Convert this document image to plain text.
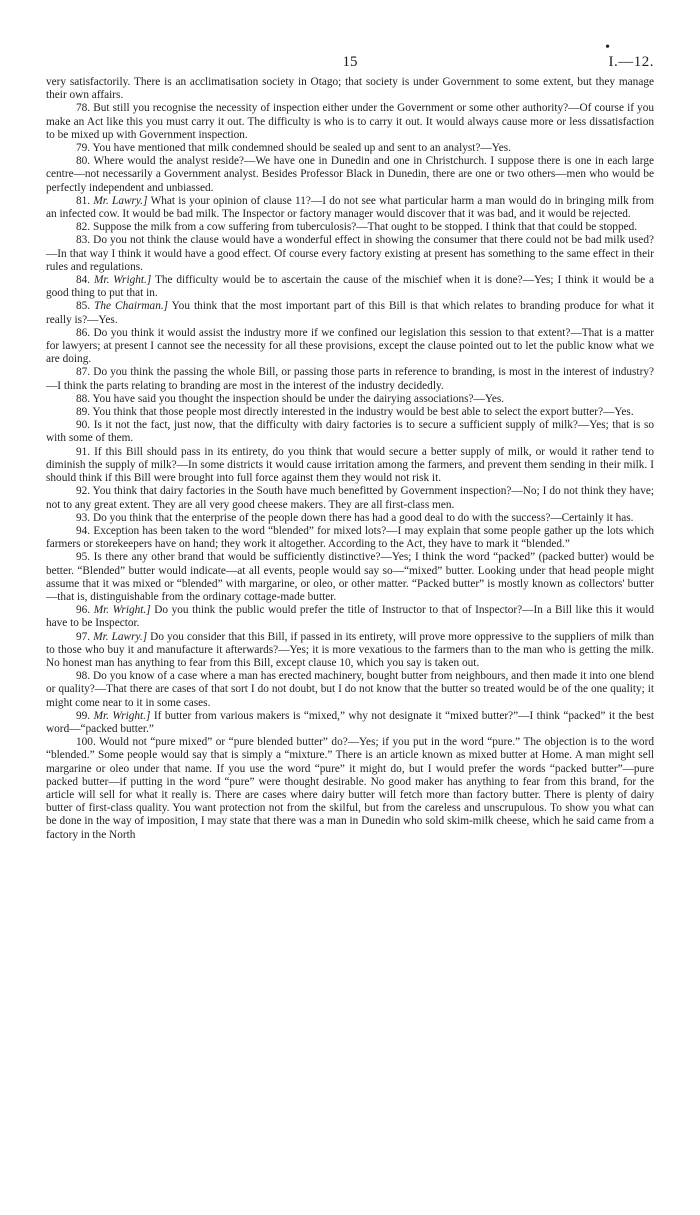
•
15	I.—12.

very satisfactorily. There is an acclimatisation society in Otago; that society is under Government to some extent, but they manage their own affairs.

78. But still you recognise the necessity of inspection either under the Government or some other authority?—Of course if you make an Act like this you must carry it out. The difficulty is who is to carry it out. It would always cause more or less dissatisfaction to be mixed up with Government inspection.

79. You have mentioned that milk condemned should be sealed up and sent to an analyst?—Yes.

80. Where would the analyst reside?—We have one in Dunedin and one in Christchurch. I suppose there is one in each large centre—not necessarily a Government analyst. Besides Professor Black in Dunedin, there are one or two others—men who would be perfectly independent and unbiassed.

81. Mr. Lawry.] What is your opinion of clause 11?—I do not see what particular harm a man would do in bringing milk from an infected cow. It would be bad milk. The Inspector or factory manager would discover that it was bad, and it would be rejected.

82. Suppose the milk from a cow suffering from tuberculosis?—That ought to be stopped. I think that that could be stopped.

83. Do you not think the clause would have a wonderful effect in showing the consumer that there could not be bad milk used?—In that way I think it would have a good effect. Of course every factory existing at present has something to the same effect in their rules and regulations.

84. Mr. Wright.] The difficulty would be to ascertain the cause of the mischief when it is done?—Yes; I think it would be a good thing to put that in.

85. The Chairman.] You think that the most important part of this Bill is that which relates to branding produce for what it really is?—Yes.

86. Do you think it would assist the industry more if we confined our legislation this session to that extent?—That is a matter for lawyers; at present I cannot see the necessity for all these provisions, except the clause pointed out to let the public know what we are doing.

87. Do you think the passing the whole Bill, or passing those parts in reference to branding, is most in the interest of industry?—I think the parts relating to branding are most in the interest of the industry decidedly.

88. You have said you thought the inspection should be under the dairying associations?—Yes.

89. You think that those people most directly interested in the industry would be best able to select the export butter?—Yes.

90. Is it not the fact, just now, that the difficulty with dairy factories is to secure a sufficient supply of milk?—Yes; that is so with some of them.

91. If this Bill should pass in its entirety, do you think that would secure a better supply of milk, or would it rather tend to diminish the supply of milk?—In some districts it would cause irritation among the farmers, and prevent them sending in their milk. I should think if this Bill were brought into full force against them they would not risk it.

92. You think that dairy factories in the South have much benefitted by Government inspection?—No; I do not think they have; not to any great extent. They are all very good cheese makers. They are all first-class men.

93. Do you think that the enterprise of the people down there has had a good deal to do with the success?—Certainly it has.

94. Exception has been taken to the word “blended” for mixed lots?—I may explain that some people gather up the lots which farmers or storekeepers have on hand; they work it altogether. According to the Act, they have to mark it “blended.”

95. Is there any other brand that would be sufficiently distinctive?—Yes; I think the word “packed” (packed butter) would be better. “Blended” butter would indicate—at all events, people would say so—“mixed” butter. Looking under that head people might assume that it was mixed or “blended” with margarine, or oleo, or other matter. “Packed butter” is mostly known as collectors' butter—that is, distinguishable from the ordinary cottage-made butter.

96. Mr. Wright.] Do you think the public would prefer the title of Instructor to that of Inspector?—In a Bill like this it would have to be Inspector.

97. Mr. Lawry.] Do you consider that this Bill, if passed in its entirety, will prove more oppressive to the suppliers of milk than to those who buy it and manufacture it afterwards?—Yes; it is more vexatious to the farmers than to the man who is getting the milk. No honest man has anything to fear from this Bill, except clause 10, which you say is taken out.

98. Do you know of a case where a man has erected machinery, bought butter from neighbours, and then made it into one blend or quality?—That there are cases of that sort I do not doubt, but I do not know that the butter so treated would be of the one quality; it might come near to it in some cases.

99. Mr. Wright.] If butter from various makers is “mixed,” why not designate it “mixed butter?”—I think “packed” it the best word—“packed butter.”

100. Would not “pure mixed” or “pure blended butter” do?—Yes; if you put in the word “pure.” The objection is to the word “blended.” Some people would say that is simply a “mixture.” There is an article known as mixed butter at Home. A man might sell margarine or oleo under that name. If you use the word “pure” it might do, but I would prefer the words “packed butter”—pure packed butter—if putting in the word “pure” were thought desirable. No good maker has anything to fear from this brand, for the article will sell for what it really is. There are cases where dairy butter will fetch more than factory butter. There is plenty of dairy butter of first-class quality. You want protection not from the skilful, but from the careless and unscrupulous. To show you what can be done in the way of imposition, I may state that there was a man in Dunedin who sold skim-milk cheese, which he said came from a factory in the North
